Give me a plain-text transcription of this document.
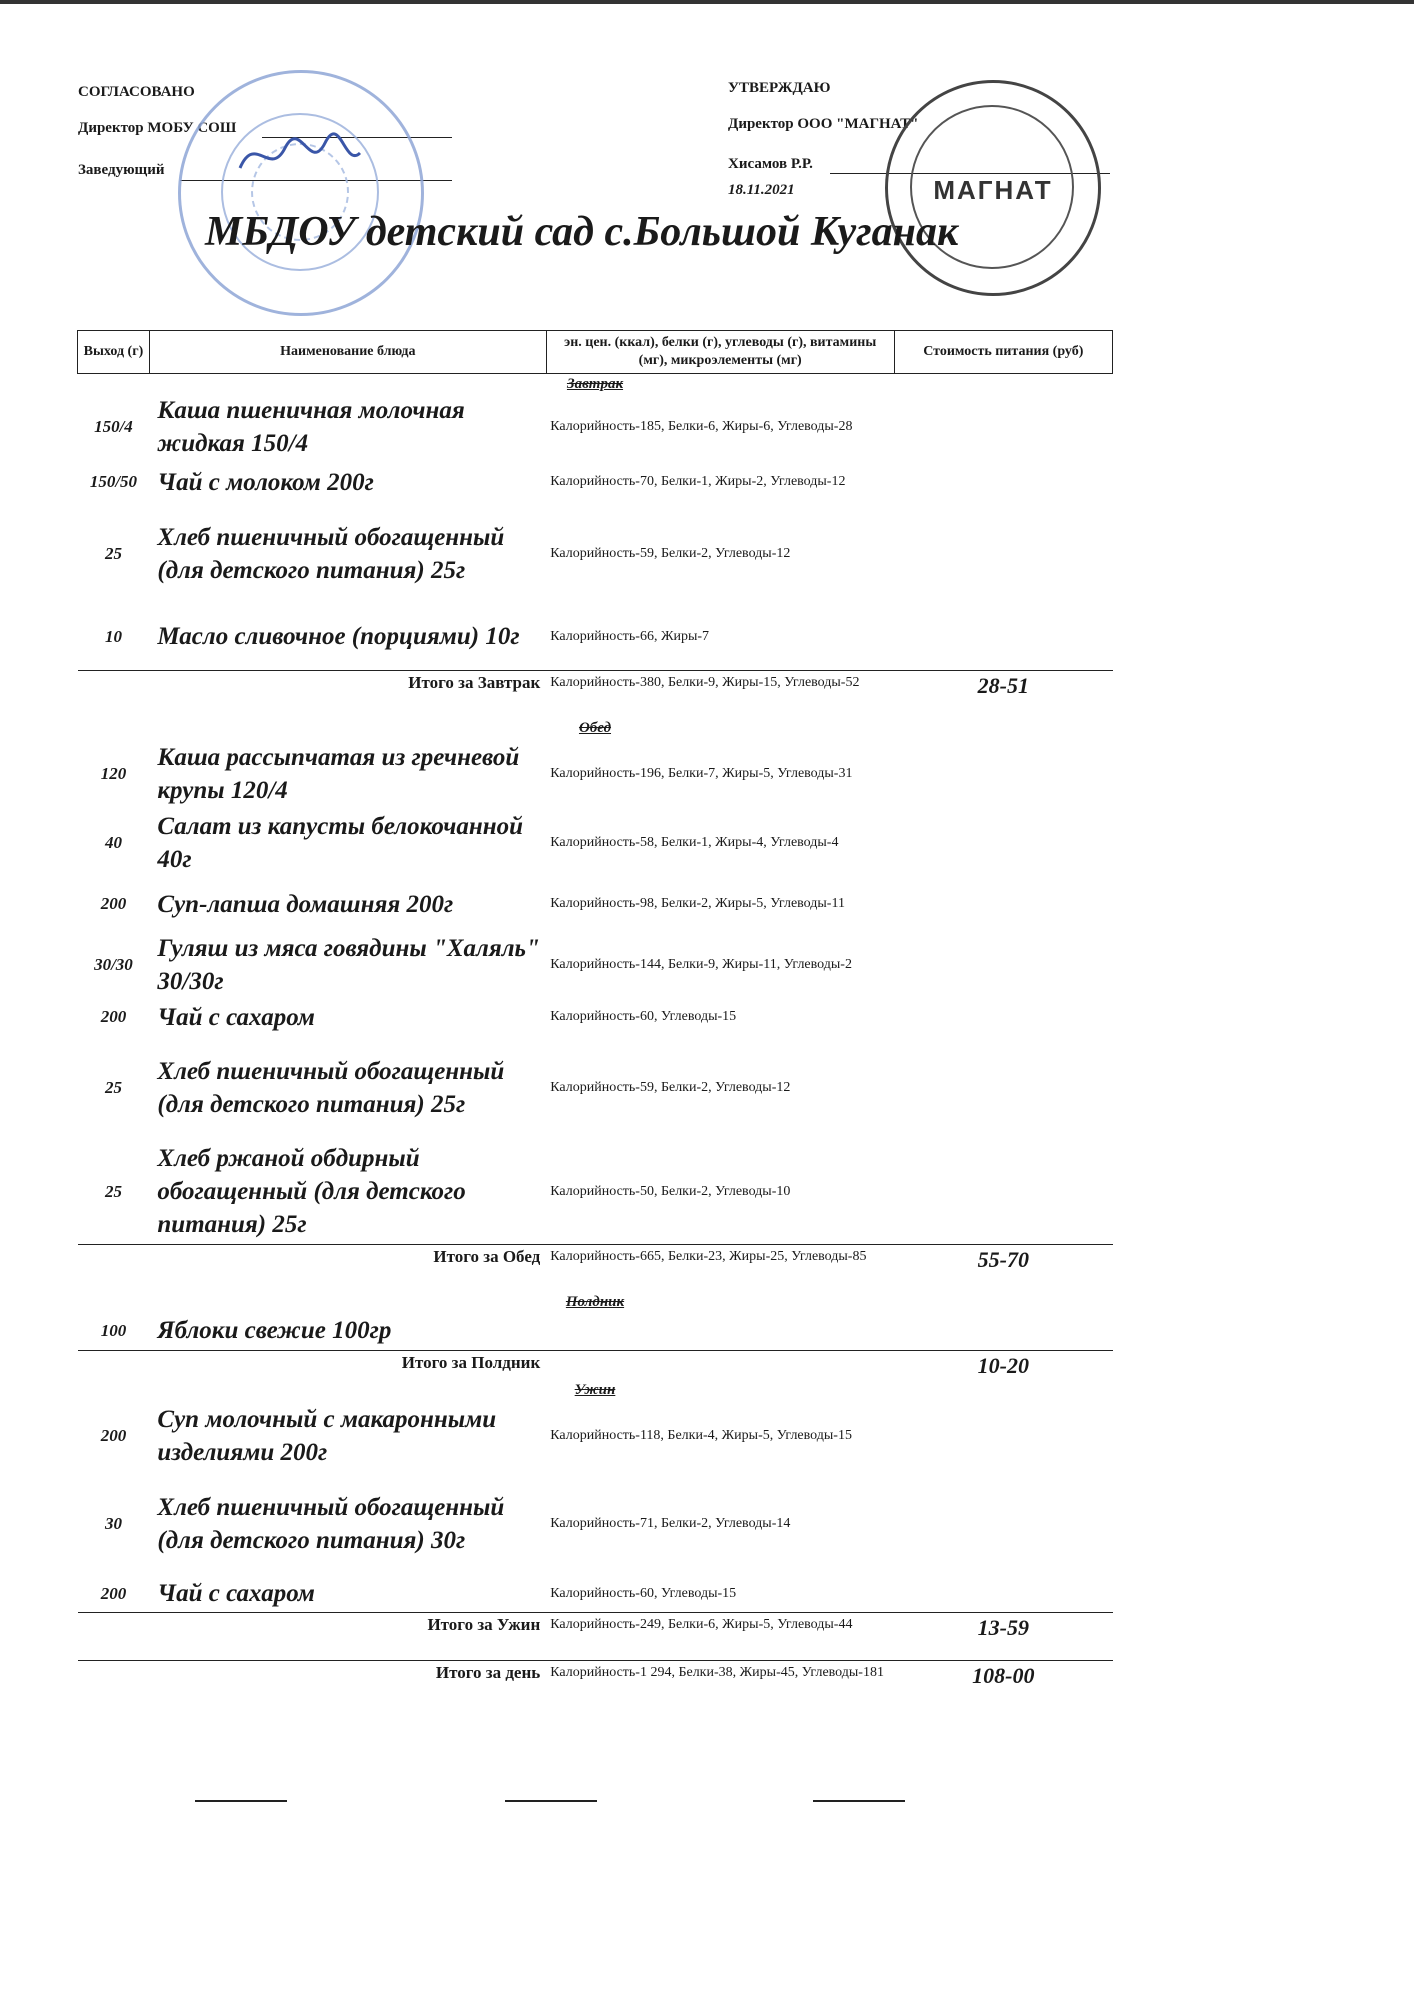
СОГЛАСОВАНО
Директор МОБУ СОШ
Заведующий
УТВЕРЖДАЮ
Директор ООО "МАГНАТ"
Хисамов Р.Р.
18.11.2021	МАГНАТ
МБДОУ детский сад с.Большой Куганак
Выход (г)	Наименование блюда	эн. цен. (ккал), белки (г), углеводы (г), витамины (мг), микроэлементы (мг)	Стоимость питания (руб)
Завтрак			
150/4	Каша пшеничная молочная жидкая 150/4	Калорийность-185, Белки-6, Жиры-6, Углеводы-28	
150/50	Чай с молоком 200г	Калорийность-70, Белки-1, Жиры-2, Углеводы-12	
25	Хлеб пшеничный обогащенный (для детского питания) 25г	Калорийность-59, Белки-2, Углеводы-12	
10	Масло сливочное (порциями) 10г	Калорийность-66, Жиры-7	
Итого за Завтрак		Калорийность-380, Белки-9, Жиры-15, Углеводы-52	28-51
Обед			
120	Каша рассыпчатая из гречневой крупы 120/4	Калорийность-196, Белки-7, Жиры-5, Углеводы-31	
40	Салат из капусты белокочанной 40г	Калорийность-58, Белки-1, Жиры-4, Углеводы-4	
200	Суп-лапша домашняя 200г	Калорийность-98, Белки-2, Жиры-5, Углеводы-11	
30/30	Гуляш из мяса говядины "Халяль" 30/30г	Калорийность-144, Белки-9, Жиры-11, Углеводы-2	
200	Чай с сахаром	Калорийность-60, Углеводы-15	
25	Хлеб пшеничный обогащенный (для детского питания) 25г	Калорийность-59, Белки-2, Углеводы-12	
25	Хлеб ржаной обдирный обогащенный (для детского питания) 25г	Калорийность-50, Белки-2, Углеводы-10	
Итого за Обед		Калорийность-665, Белки-23, Жиры-25, Углеводы-85	55-70
Полдник			
100	Яблоки свежие 100гр		
Итого за Полдник			10-20
Ужин			
200	Суп молочный с макаронными изделиями 200г	Калорийность-118, Белки-4, Жиры-5, Углеводы-15	
30	Хлеб пшеничный обогащенный (для детского питания) 30г	Калорийность-71, Белки-2, Углеводы-14	
200	Чай с сахаром	Калорийность-60, Углеводы-15	
Итого за Ужин		Калорийность-249, Белки-6, Жиры-5, Углеводы-44	13-59
Итого за день		Калорийность-1 294, Белки-38, Жиры-45, Углеводы-181	108-00
